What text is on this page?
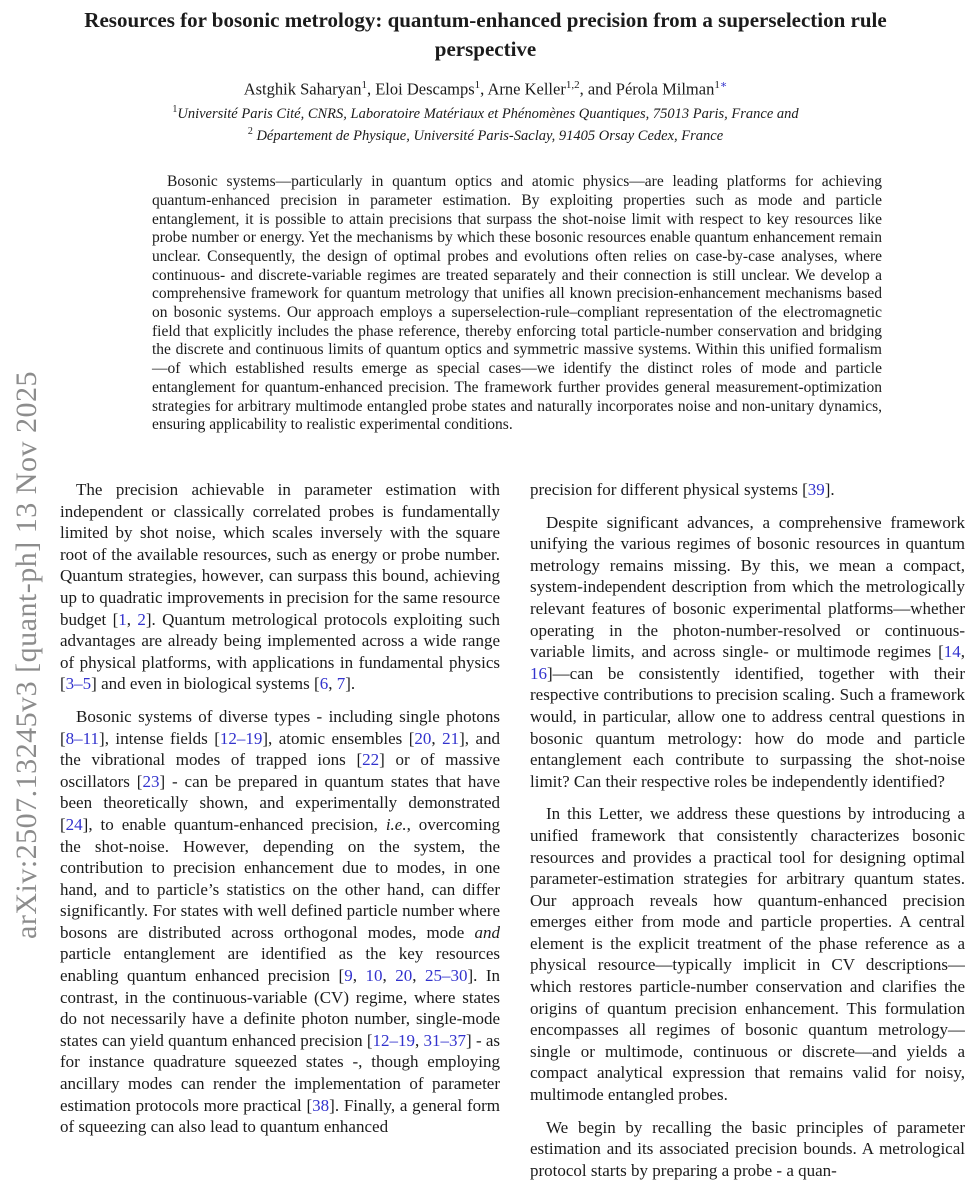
arXiv:2507.13245v3 [quant-ph] 13 Nov 2025
Resources for bosonic metrology: quantum-enhanced precision from a superselection rule perspective
Astghik Saharyan$^1$, Eloi Descamps$^1$, Arne Keller$^{1,2}$, and Pérola Milman$^{1∗}$
$^1$Université Paris Cité, CNRS, Laboratoire Matériaux et Phénomènes Quantiques, 75013 Paris, France and
$^2$ Département de Physique, Université Paris-Saclay, 91405 Orsay Cedex, France

Bosonic systems—particularly in quantum optics and atomic physics—are leading platforms for achieving quantum-enhanced precision in parameter estimation. By exploiting properties such as mode and particle entanglement, it is possible to attain precisions that surpass the shot-noise limit with respect to key resources like probe number or energy. Yet the mechanisms by which these bosonic resources enable quantum enhancement remain unclear. Consequently, the design of optimal probes and evolutions often relies on case-by-case analyses, where continuous- and discrete-variable regimes are treated separately and their connection is still unclear. We develop a comprehensive framework for quantum metrology that unifies all known precision-enhancement mechanisms based on bosonic systems. Our approach employs a superselection-rule–compliant representation of the electromagnetic field that explicitly includes the phase reference, thereby enforcing total particle-number conservation and bridging the discrete and continuous limits of quantum optics and symmetric massive systems. Within this unified formalism—of which established results emerge as special cases—we identify the distinct roles of mode and particle entanglement for quantum-enhanced precision. The framework further provides general measurement-optimization strategies for arbitrary multimode entangled probe states and naturally incorporates noise and non-unitary dynamics, ensuring applicability to realistic experimental conditions.

The precision achievable in parameter estimation with independent or classically correlated probes is fundamentally limited by shot noise, which scales inversely with the square root of the available resources, such as energy or probe number. Quantum strategies, however, can surpass this bound, achieving up to quadratic improvements in precision for the same resource budget [1, 2]. Quantum metrological protocols exploiting such advantages are already being implemented across a wide range of physical platforms, with applications in fundamental physics [3–5] and even in biological systems [6, 7].

Bosonic systems of diverse types - including single photons [8–11], intense fields [12–19], atomic ensembles [20, 21], and the vibrational modes of trapped ions [22] or of massive oscillators [23] - can be prepared in quantum states that have been theoretically shown, and experimentally demonstrated [24], to enable quantum-enhanced precision, i.e., overcoming the shot-noise. However, depending on the system, the contribution to precision enhancement due to modes, in one hand, and to particle’s statistics on the other hand, can differ significantly. For states with well defined particle number where bosons are distributed across orthogonal modes, mode and particle entanglement are identified as the key resources enabling quantum enhanced precision [9, 10, 20, 25–30]. In contrast, in the continuous-variable (CV) regime, where states do not necessarily have a definite photon number, single-mode states can yield quantum enhanced precision [12–19, 31–37] - as for instance quadrature squeezed states -, though employing ancillary modes can render the implementation of parameter estimation protocols more practical [38]. Finally, a general form of squeezing can also lead to quantum enhanced

precision for different physical systems [39].

Despite significant advances, a comprehensive framework unifying the various regimes of bosonic resources in quantum metrology remains missing. By this, we mean a compact, system-independent description from which the metrologically relevant features of bosonic experimental platforms—whether operating in the photon-number-resolved or continuous-variable limits, and across single- or multimode regimes [14, 16]—can be consistently identified, together with their respective contributions to precision scaling. Such a framework would, in particular, allow one to address central questions in bosonic quantum metrology: how do mode and particle entanglement each contribute to surpassing the shot-noise limit? Can their respective roles be independently identified?

In this Letter, we address these questions by introducing a unified framework that consistently characterizes bosonic resources and provides a practical tool for designing optimal parameter-estimation strategies for arbitrary quantum states. Our approach reveals how quantum-enhanced precision emerges either from mode and particle properties. A central element is the explicit treatment of the phase reference as a physical resource—typically implicit in CV descriptions—which restores particle-number conservation and clarifies the origins of quantum precision enhancement. This formulation encompasses all regimes of bosonic quantum metrology—single or multimode, continuous or discrete—and yields a compact analytical expression that remains valid for noisy, multimode entangled probes.

We begin by recalling the basic principles of parameter estimation and its associated precision bounds. A metrological protocol starts by preparing a probe - a quan-
